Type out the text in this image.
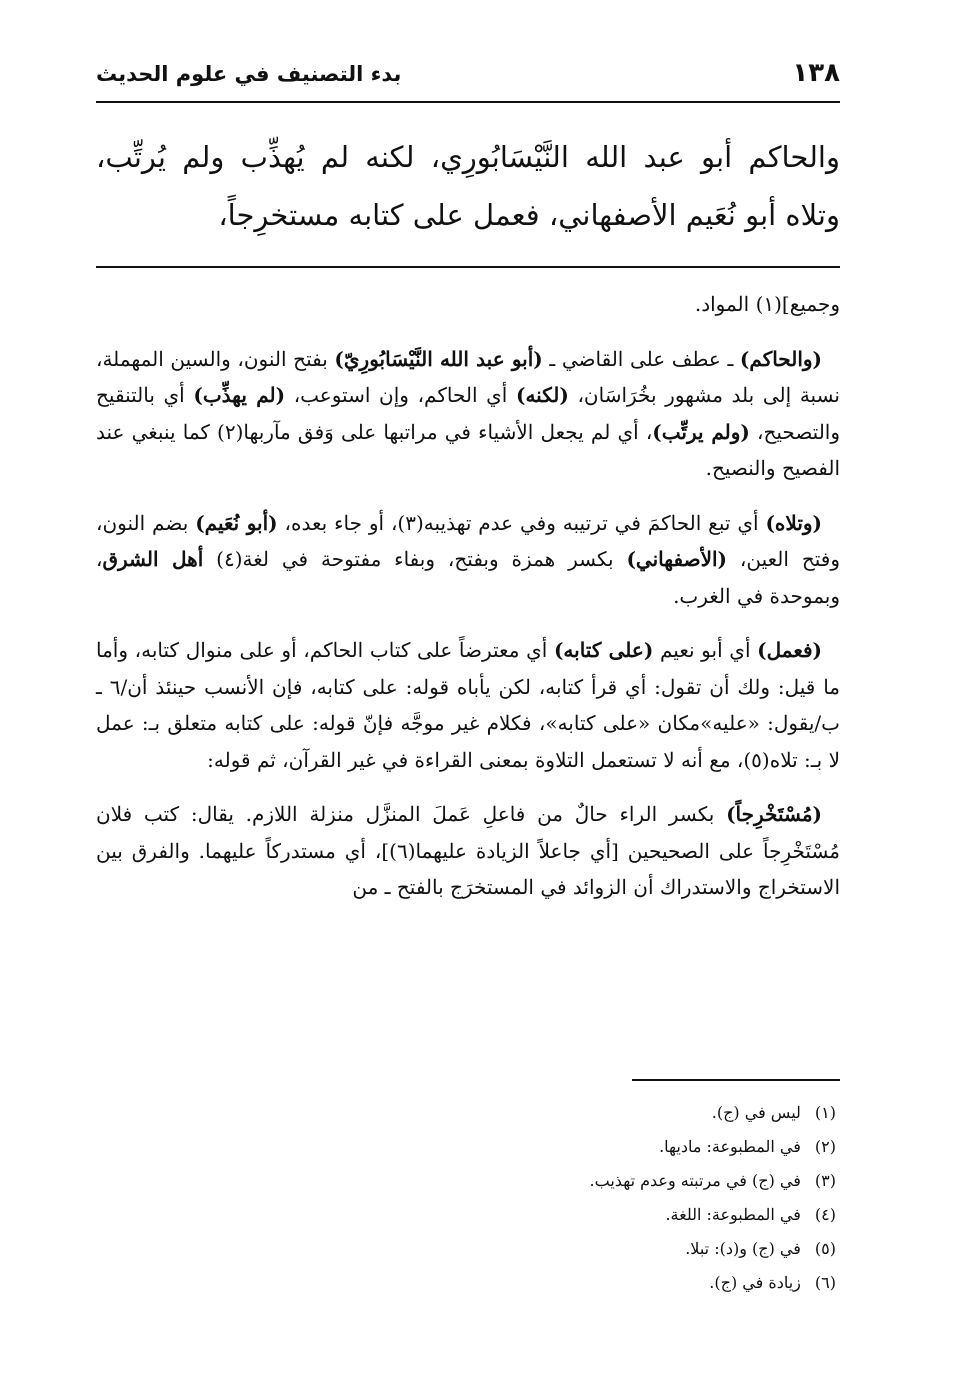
١٣٨
بدء التصنيف في علوم الحديث
والحاكم أبو عبد الله النَّيْسَابُورِي، لكنه لم يُهذِّب ولم يُرتِّب، وتلاه أبو نُعَيم الأصفهاني، فعمل على كتابه مستخرِجاً،

وجميع](١) المواد.

(والحاكم) ـ عطف على القاضي ـ (أبو عبد الله النَّيْسَابُورِيّ) بفتح النون، والسين المهملة، نسبة إلى بلد مشهور بخُرَاسَان، (لكنه) أي الحاكم، وإن استوعب، (لم يهذِّب) أي بالتنقيح والتصحيح، (ولم يرتِّب)، أي لم يجعل الأشياء في مراتبها على وَفق مآربها(٢) كما ينبغي عند الفصيح والنصيح.

(وتلاه) أي تبع الحاكمَ في ترتيبه وفي عدم تهذيبه(٣)، أو جاء بعده، (أبو نُعَيم) بضم النون، وفتح العين، (الأصفهاني) بكسر همزة وبفتح، وبفاء مفتوحة في لغة(٤) أهل الشرق، وبموحدة في الغرب.

(فعمل) أي أبو نعيم (على كتابه) أي معترضاً على كتاب الحاكم، أو على منوال كتابه، وأما ما قيل: ولك أن تقول: أي قرأ كتابه، لكن يأباه قوله: على كتابه، فإن الأنسب حينئذ أن/٦ ـ ب/يقول: «عليه»مكان «على كتابه»، فكلام غير موجَّه فإنّ قوله: على كتابه متعلق بـ: عمل لا بـ: تلاه(٥)، مع أنه لا تستعمل التلاوة بمعنى القراءة في غير القرآن، ثم قوله:

(مُسْتَخْرِجاً) بكسر الراء حالٌ من فاعلِ عَملَ المنزَّل منزلة اللازم. يقال: كتب فلان مُسْتَخْرِجاً على الصحيحين [أي جاعلاً الزيادة عليهما(٦)]، أي مستدركاً عليهما. والفرق بين الاستخراج والاستدراك أن الزوائد في المستخرَج بالفتح ـ من

(١) ليس في (ج).
(٢) في المطبوعة: ماديها.
(٣) في (ج) في مرتبته وعدم تهذيب.
(٤) في المطبوعة: اللغة.
(٥) في (ج) و(د): تبلا.
(٦) زيادة في (ج).
